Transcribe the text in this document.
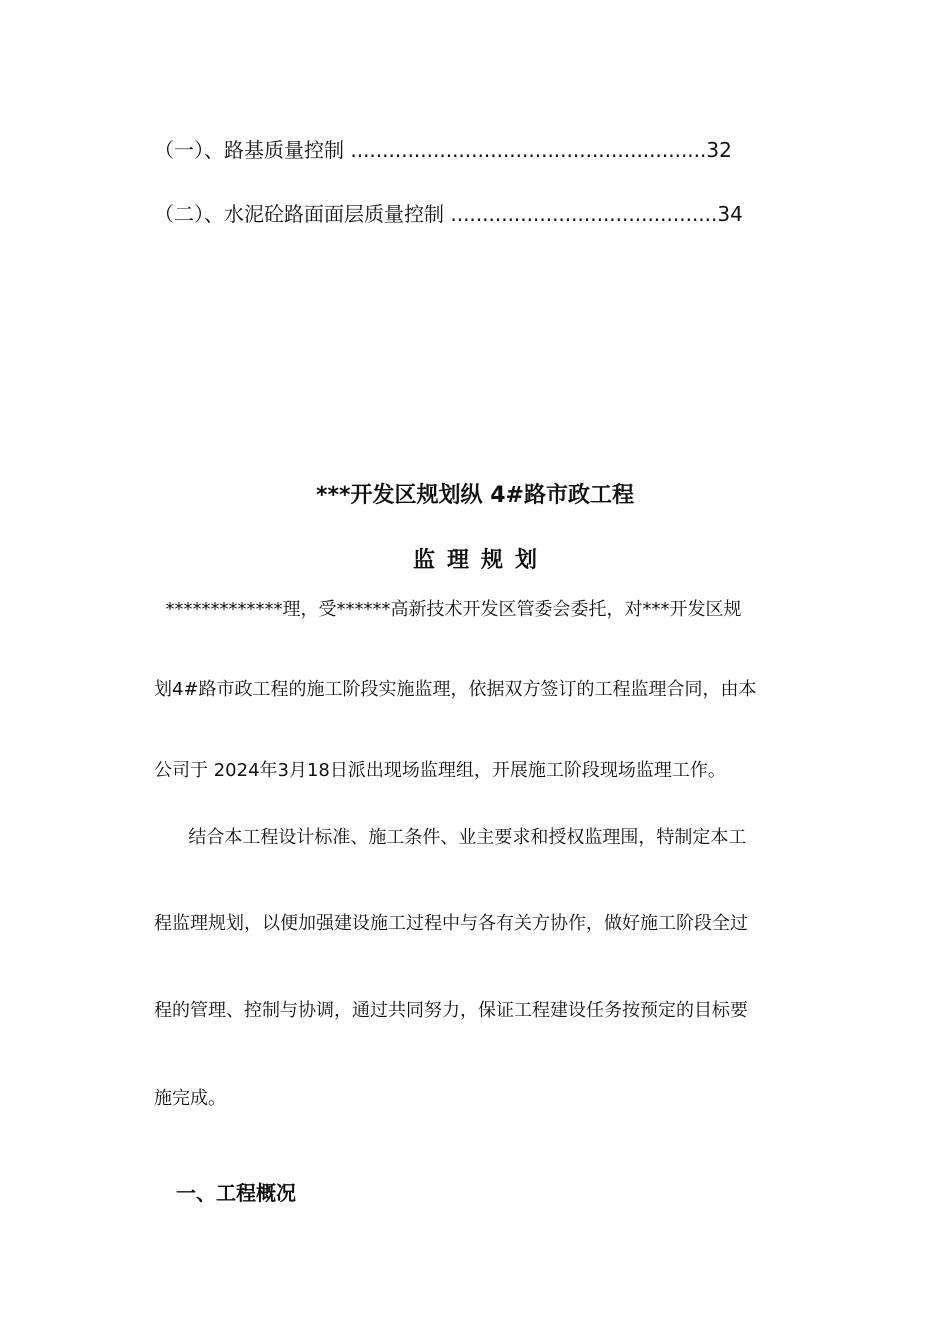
（一）、路基质量控制 ........................................................32
（二）、水泥砼路面面层质量控制 ..........................................34
***开发区规划纵 4#路市政工程
监理规划
*************理，受******高新技术开发区管委会委托，对***开发区规
划4#路市政工程的施工阶段实施监理，依据双方签订的工程监理合同，由本
公司于 2024年3月18日派出现场监理组，开展施工阶段现场监理工作。
结合本工程设计标准、施工条件、业主要求和授权监理围，特制定本工
程监理规划，以便加强建设施工过程中与各有关方协作，做好施工阶段全过
程的管理、控制与协调，通过共同努力，保证工程建设任务按预定的目标要
施完成。
一、工程概况
